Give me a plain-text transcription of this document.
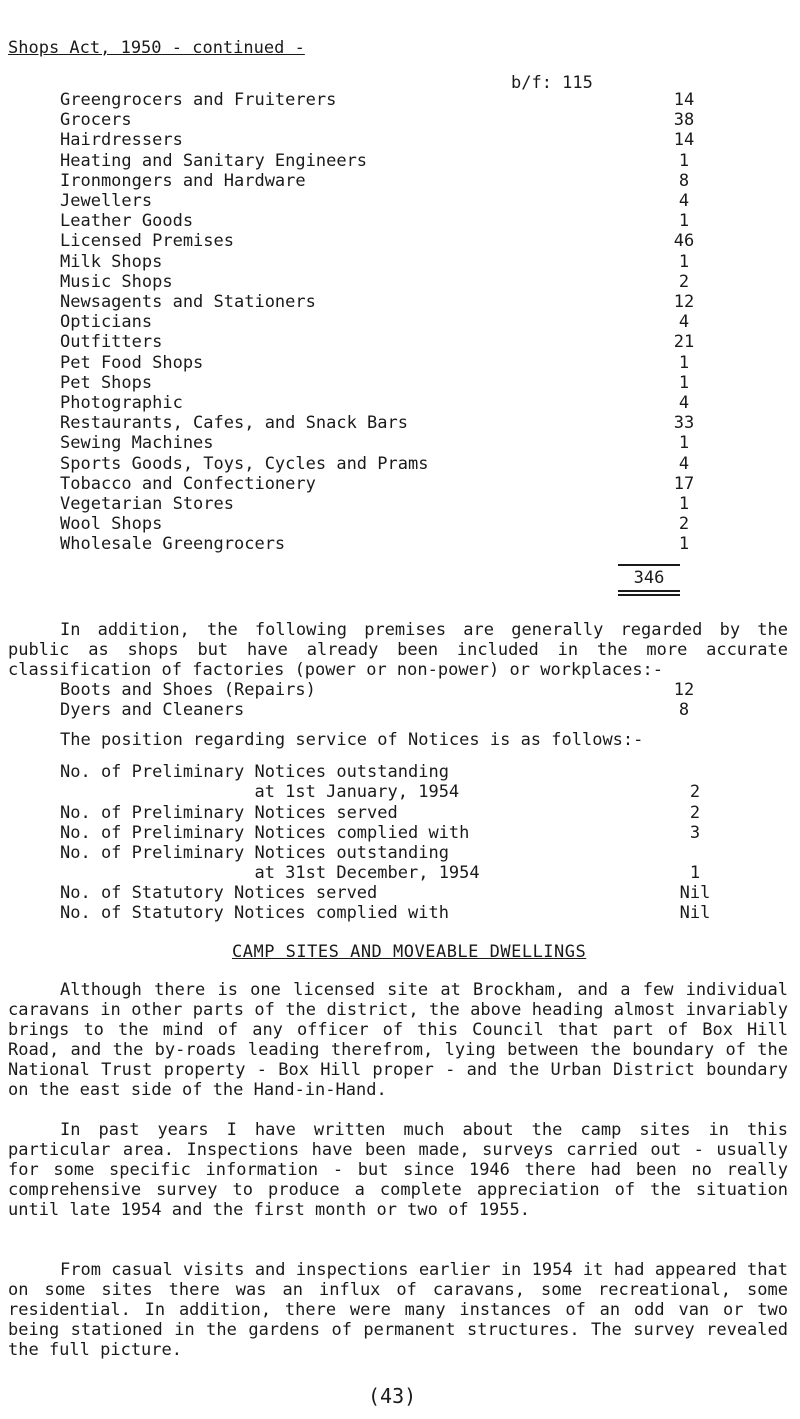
Shops Act, 1950 - continued -
b/f: 115
Greengrocers and Fruiterers	14
Grocers	38
Hairdressers	14
Heating and Sanitary Engineers	1
Ironmongers and Hardware	8
Jewellers	4
Leather Goods	1
Licensed Premises	46
Milk Shops	1
Music Shops	2
Newsagents and Stationers	12
Opticians	4
Outfitters	21
Pet Food Shops	1
Pet Shops	1
Photographic	4
Restaurants, Cafes, and Snack Bars	33
Sewing Machines	1
Sports Goods, Toys, Cycles and Prams	4
Tobacco and Confectionery	17
Vegetarian Stores	1
Wool Shops	2
Wholesale Greengrocers	1
346
In addition, the following premises are generally regarded by the public as shops but have already been included in the more accurate classification of factories (power or non-power) or workplaces:-
Boots and Shoes (Repairs)	12
Dyers and Cleaners	8
The position regarding service of Notices is as follows:-
No. of Preliminary Notices outstanding
at 1st January, 1954	2
No. of Preliminary Notices served	2
No. of Preliminary Notices complied with	3
No. of Preliminary Notices outstanding
at 31st December, 1954	1
No. of Statutory Notices served	Nil
No. of Statutory Notices complied with	Nil
CAMP SITES AND MOVEABLE DWELLINGS
Although there is one licensed site at Brockham, and a few individual caravans in other parts of the district, the above heading almost invariably brings to the mind of any officer of this Council that part of Box Hill Road, and the by-roads leading therefrom, lying between the boundary of the National Trust property - Box Hill proper - and the Urban District boundary on the east side of the Hand-in-Hand.
In past years I have written much about the camp sites in this particular area. Inspections have been made, surveys carried out - usually for some specific information - but since 1946 there had been no really comprehensive survey to produce a complete appreciation of the situation until late 1954 and the first month or two of 1955.
From casual visits and inspections earlier in 1954 it had appeared that on some sites there was an influx of caravans, some recreational, some residential. In addition, there were many instances of an odd van or two being stationed in the gardens of permanent structures. The survey revealed the full picture.
(43)
